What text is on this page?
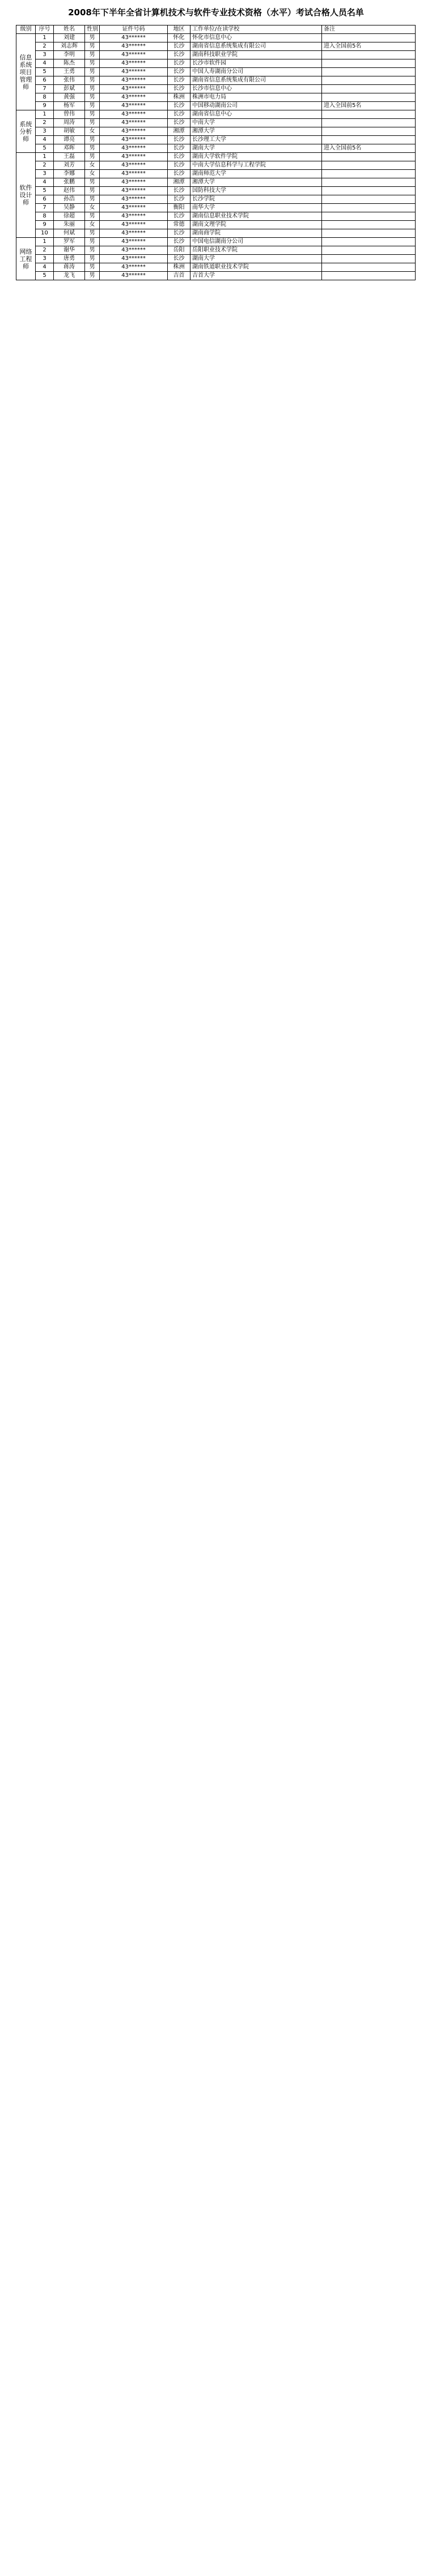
2008年下半年全省计算机技术与软件专业技术资格（水平）考试合格人员名单
级别	序号	姓名	性别	证件号码	地区	工作单位/在读学校	备注
信息系统项目管理师	1	刘建	男	43******	怀化	怀化市信息中心	
	2	刘志辉	男	43******	长沙	湖南省信息系统集成有限公司	进入全国前5名
	3	李明	男	43******	长沙	湖南科技职业学院	
	4	陈杰	男	43******	长沙	长沙市软件园	
	5	王勇	男	43******	长沙	中国人寿湖南分公司	
	6	张伟	男	43******	长沙	湖南省信息系统集成有限公司	
	7	彭斌	男	43******	长沙	长沙市信息中心	
	8	黄强	男	43******	株洲	株洲市电力局	
	9	杨军	男	43******	长沙	中国移动湖南公司	进入全国前5名
系统分析师	1	曾伟	男	43******	长沙	湖南省信息中心	
	2	周涛	男	43******	长沙	中南大学	
	3	胡敏	女	43******	湘潭	湘潭大学	
	4	谭亮	男	43******	长沙	长沙理工大学	
	5	邓晖	男	43******	长沙	湖南大学	进入全国前5名
软件设计师	1	王磊	男	43******	长沙	湖南大学软件学院	
	2	刘芳	女	43******	长沙	中南大学信息科学与工程学院	
	3	李娜	女	43******	长沙	湖南师范大学	
	4	张鹏	男	43******	湘潭	湘潭大学	
	5	赵伟	男	43******	长沙	国防科技大学	
	6	孙浩	男	43******	长沙	长沙学院	
	7	吴静	女	43******	衡阳	南华大学	
	8	徐超	男	43******	长沙	湖南信息职业技术学院	
	9	朱丽	女	43******	常德	湖南文理学院	
	10	何斌	男	43******	长沙	湖南商学院	
网络工程师	1	罗军	男	43******	长沙	中国电信湖南分公司	
	2	谢华	男	43******	岳阳	岳阳职业技术学院	
	3	唐勇	男	43******	长沙	湖南大学	
	4	蒋涛	男	43******	株洲	湖南铁道职业技术学院	
	5	龙飞	男	43******	吉首	吉首大学	
